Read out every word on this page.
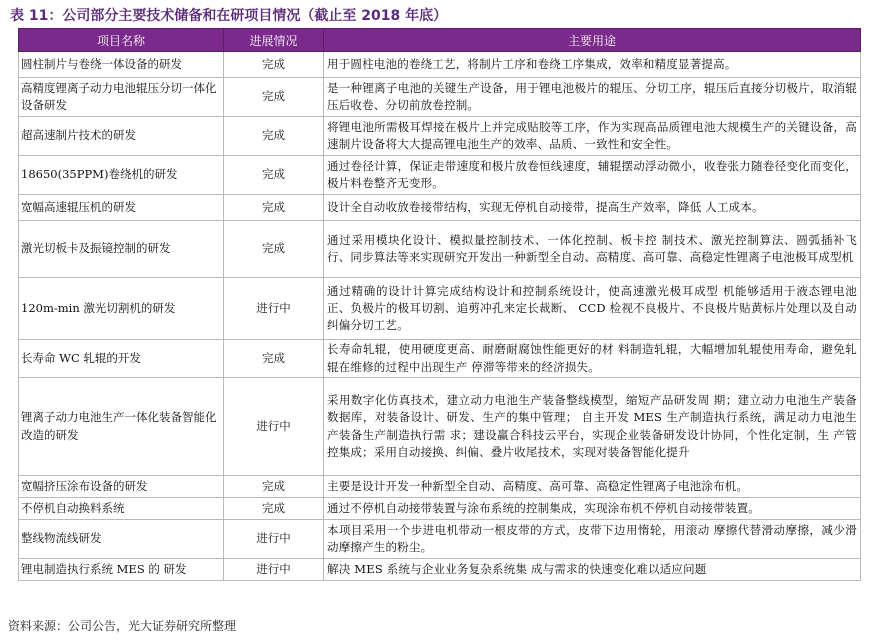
表 11：公司部分主要技术储备和在研项目情况（截止至 2018 年底）
项目名称	进展情况	主要用途
圆柱制片与卷绕一体设备的研发	完成	用于圆柱电池的卷绕工艺，将制片工序和卷绕工序集成，效率和精度显著提高。
高精度锂离子动力电池辊压分切一体化设备研发	完成	是一种锂离子电池的关键生产设备，用于锂电池极片的辊压、分切工序，辊压后直接分切极片，取消辊压后收卷、分切前放卷控制。
超高速制片技术的研发	完成	将锂电池所需极耳焊接在极片上并完成贴胶等工序，作为实现高品质锂电池大规模生产的关键设备，高速制片设备将大大提高锂电池生产的效率、品质、一致性和安全性。
18650(35PPM)卷绕机的研发	完成	通过卷径计算，保证走带速度和极片放卷恒线速度，辅辊摆动浮动微小，收卷张力随卷径变化而变化，极片料卷整齐无变形。
宽幅高速辊压机的研发	完成	设计全自动收放卷接带结构，实现无停机自动接带，提高生产效率，降低 人工成本。
激光切板卡及振镜控制的研发	完成	通过采用模块化设计、模拟量控制技术、一体化控制、板卡控 制技术、激光控制算法、圆弧插补飞行、同步算法等来实现研究开发出一种新型全自动、高精度、高可靠、高稳定性锂离子电池极耳成型机
120m-min 激光切割机的研发	进行中	通过精确的设计计算完成结构设计和控制系统设计，使高速激光极耳成型 机能够适用于液态锂电池正、负极片的极耳切割、追剪冲孔来定长裁断、 CCD 检视不良极片、不良极片贴黄标片处理以及自动纠偏分切工艺。
长寿命 WC 轧辊的开发	完成	长寿命轧辊，使用硬度更高、耐磨耐腐蚀性能更好的材 料制造轧辊，大幅增加轧辊使用寿命，避免轧辊在维修的过程中出现生产 停滞等带来的经济损失。
锂离子动力电池生产一体化装备智能化改造的研发	进行中	采用数字化仿真技术，建立动力电池生产装备整线模型，缩短产品研发周 期；建立动力电池生产装备数据库，对装备设计、研发、生产的集中管理； 自主开发 MES 生产制造执行系统，满足动力电池生产装备生产制造执行需 求；建设赢合科技云平台，实现企业装备研发设计协同，个性化定制，生 产管控集成；采用自动接换、纠偏、叠片收尾技术，实现对装备智能化提升
宽幅挤压涂布设备的研发	完成	主要是设计开发一种新型全自动、高精度、高可靠、高稳定性锂离子电池涂布机。
不停机自动换料系统	完成	通过不停机自动接带装置与涂布系统的控制集成，实现涂布机不停机自动接带装置。
整线物流线研发	进行中	本项目采用一个步进电机带动一根皮带的方式，皮带下边用惰轮，用滚动 摩擦代替滑动摩擦，减少滑动摩擦产生的粉尘。
锂电制造执行系统 MES 的 研发	进行中	解决 MES 系统与企业业务复杂系统集 成与需求的快速变化难以适应问题
资料来源：公司公告，光大证券研究所整理
